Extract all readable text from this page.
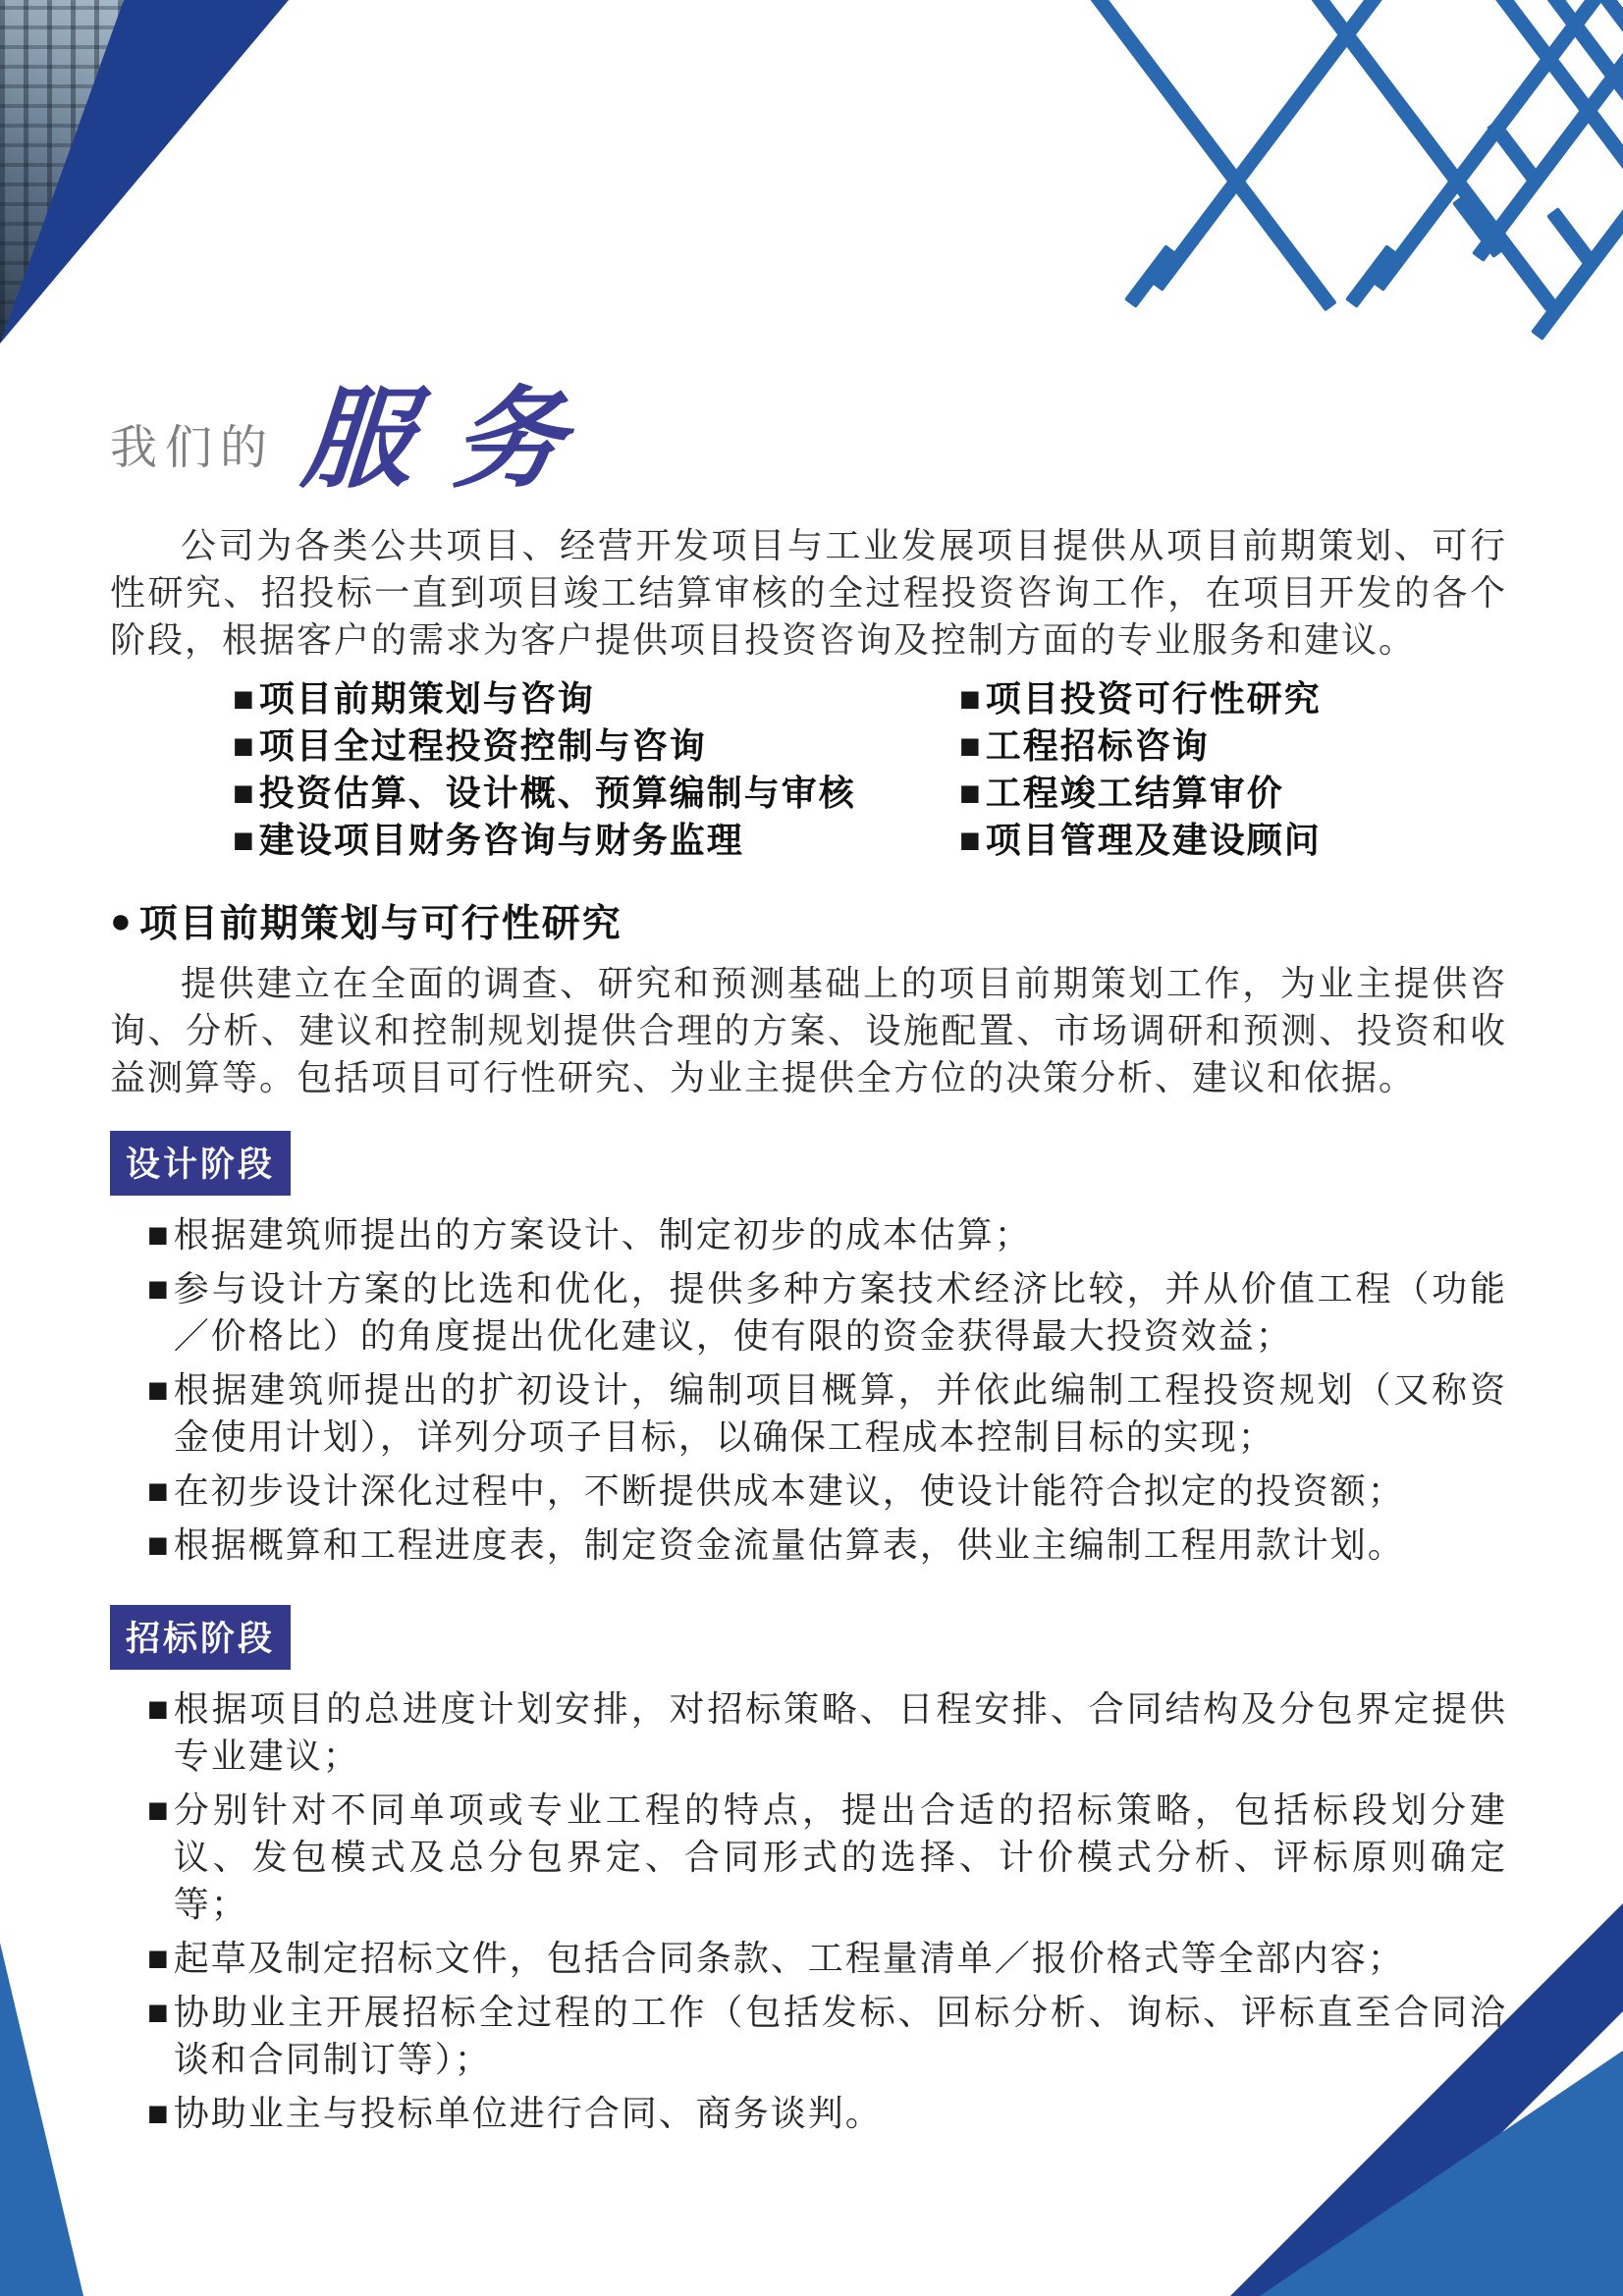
我们的 服务

公司为各类公共项目、经营开发项目与工业发展项目提供从项目前期策划、可行性研究、招投标一直到项目竣工结算审核的全过程投资咨询工作，在项目开发的各个阶段，根据客户的需求为客户提供项目投资咨询及控制方面的专业服务和建议。

■ 项目前期策划与咨询
■ 项目全过程投资控制与咨询
■ 投资估算、设计概、预算编制与审核
■ 建设项目财务咨询与财务监理
■ 项目投资可行性研究
■ 工程招标咨询
■ 工程竣工结算审价
■ 项目管理及建设顾问
● 项目前期策划与可行性研究

提供建立在全面的调查、研究和预测基础上的项目前期策划工作，为业主提供咨询、分析、建议和控制规划提供合理的方案、设施配置、市场调研和预测、投资和收益测算等。包括项目可行性研究、为业主提供全方位的决策分析、建议和依据。

设计阶段
■ 根据建筑师提出的方案设计、制定初步的成本估算；
■ 参与设计方案的比选和优化，提供多种方案技术经济比较，并从价值工程（功能／价格比）的角度提出优化建议，使有限的资金获得最大投资效益；
■ 根据建筑师提出的扩初设计，编制项目概算，并依此编制工程投资规划（又称资金使用计划），详列分项子目标，以确保工程成本控制目标的实现；
■ 在初步设计深化过程中，不断提供成本建议，使设计能符合拟定的投资额；
■ 根据概算和工程进度表，制定资金流量估算表，供业主编制工程用款计划。
招标阶段
■ 根据项目的总进度计划安排，对招标策略、日程安排、合同结构及分包界定提供专业建议；
■ 分别针对不同单项或专业工程的特点，提出合适的招标策略，包括标段划分建议、发包模式及总分包界定、合同形式的选择、计价模式分析、评标原则确定等；
■ 起草及制定招标文件，包括合同条款、工程量清单／报价格式等全部内容；
■ 协助业主开展招标全过程的工作（包括发标、回标分析、询标、评标直至合同洽谈和合同制订等）；
■ 协助业主与投标单位进行合同、商务谈判。
